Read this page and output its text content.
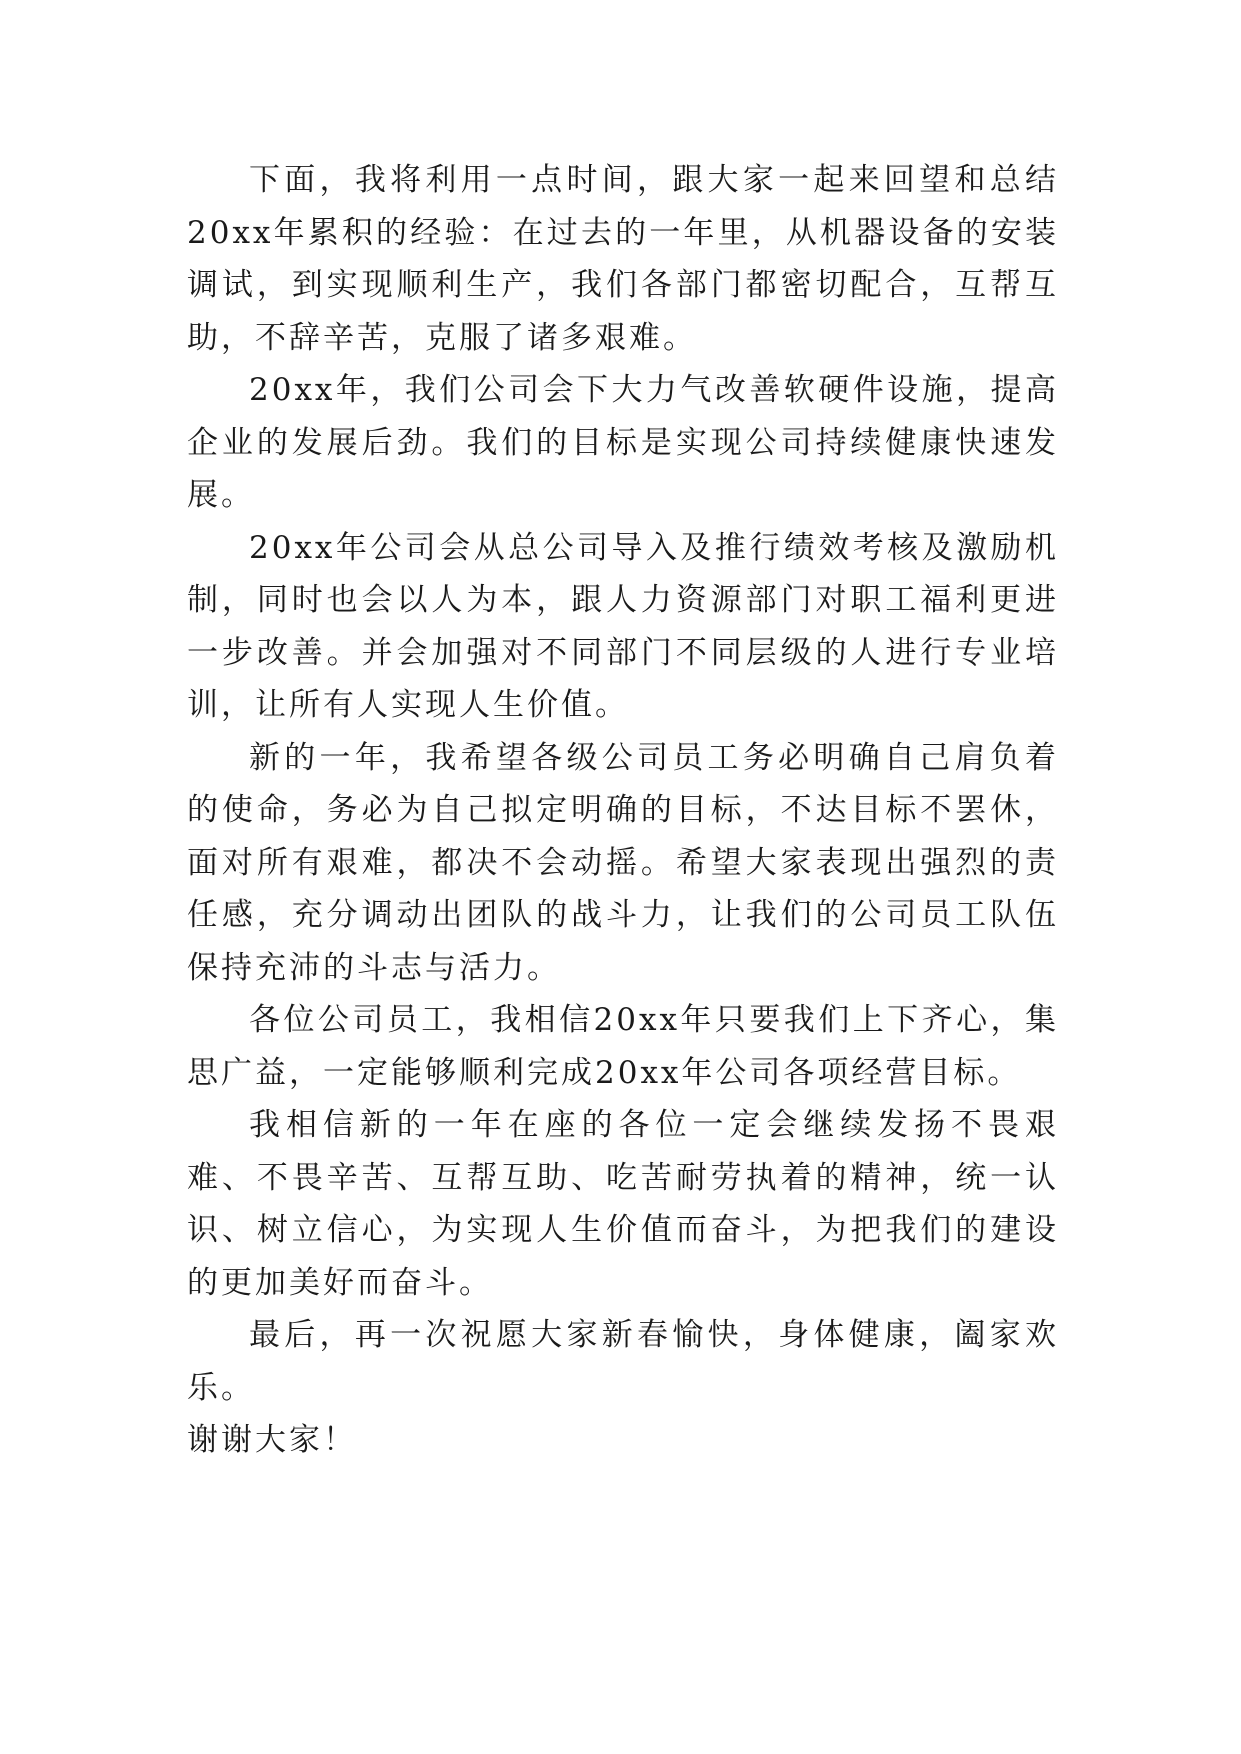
下面，我将利用一点时间，跟大家一起来回望和总结20xx年累积的经验：在过去的一年里，从机器设备的安装调试，到实现顺利生产，我们各部门都密切配合，互帮互助，不辞辛苦，克服了诸多艰难。

20xx年，我们公司会下大力气改善软硬件设施，提高企业的发展后劲。我们的目标是实现公司持续健康快速发展。

20xx年公司会从总公司导入及推行绩效考核及激励机制，同时也会以人为本，跟人力资源部门对职工福利更进一步改善。并会加强对不同部门不同层级的人进行专业培训，让所有人实现人生价值。

新的一年，我希望各级公司员工务必明确自己肩负着的使命，务必为自己拟定明确的目标，不达目标不罢休，面对所有艰难，都决不会动摇。希望大家表现出强烈的责任感，充分调动出团队的战斗力，让我们的公司员工队伍保持充沛的斗志与活力。

各位公司员工，我相信20xx年只要我们上下齐心，集思广益，一定能够顺利完成20xx年公司各项经营目标。

我相信新的一年在座的各位一定会继续发扬不畏艰难、不畏辛苦、互帮互助、吃苦耐劳执着的精神，统一认识、树立信心，为实现人生价值而奋斗，为把我们的建设的更加美好而奋斗。

最后，再一次祝愿大家新春愉快，身体健康，阖家欢乐。

谢谢大家！
